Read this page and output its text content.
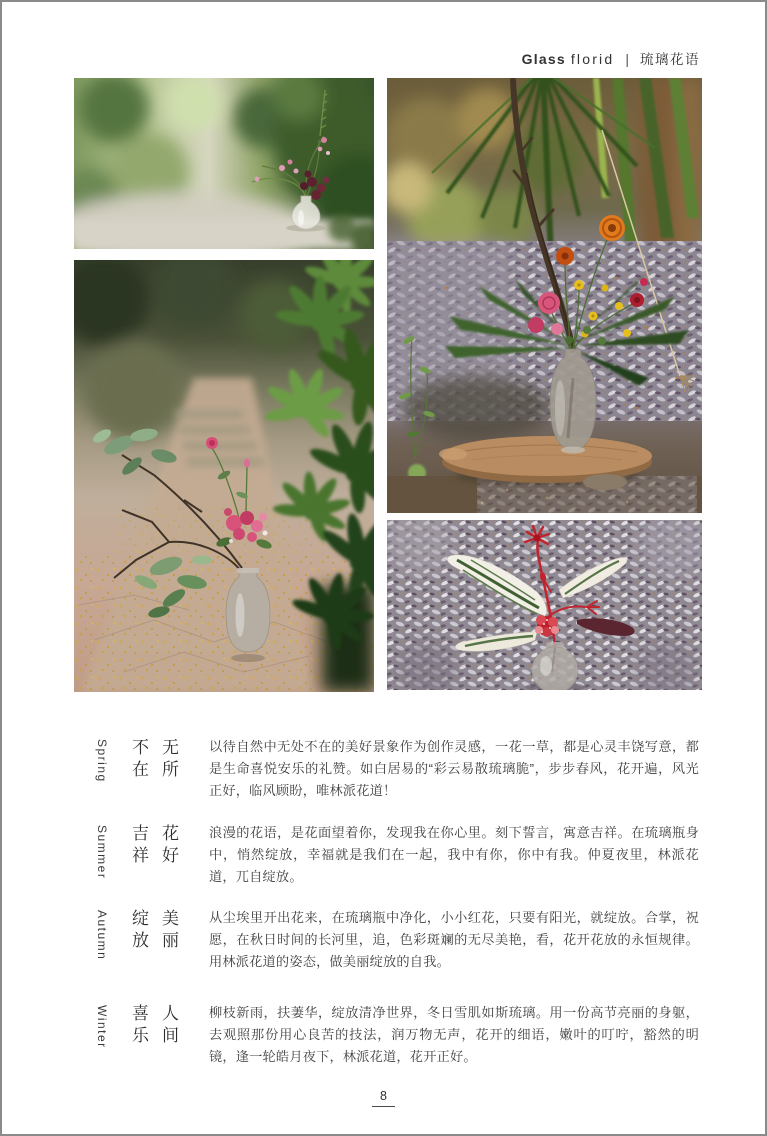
Glass florid | 琉璃花语
Spring	不在
无所

以待自然中无处不在的美好景象作为创作灵感，一花一草，都是心灵丰饶写意，都是生命喜悦安乐的礼赞。如白居易的“彩云易散琉璃脆”，步步春风，花开遍，风光正好，临风顾盼，唯林派花道！

Summer	吉祥
花好

浪漫的花语，是花面望着你，发现我在你心里。刻下誓言，寓意吉祥。在琉璃瓶身中，悄然绽放，幸福就是我们在一起，我中有你，你中有我。仲夏夜里，林派花道，兀自绽放。

Autumn	绽放
美丽

从尘埃里开出花来，在琉璃瓶中净化，小小红花，只要有阳光，就绽放。合掌，祝愿，在秋日时间的长河里，追，色彩斑斓的无尽美艳，看，花开花放的永恒规律。用林派花道的姿态，做美丽绽放的自我。

Winter	喜乐
人间

柳枝新雨，扶萋华，绽放清净世界，冬日雪肌如斯琉璃。用一份高节亮丽的身躯，去观照那份用心良苦的技法，润万物无声，花开的细语，嫩叶的叮咛，豁然的明镜，逢一轮皓月夜下，林派花道，花开正好。

8
